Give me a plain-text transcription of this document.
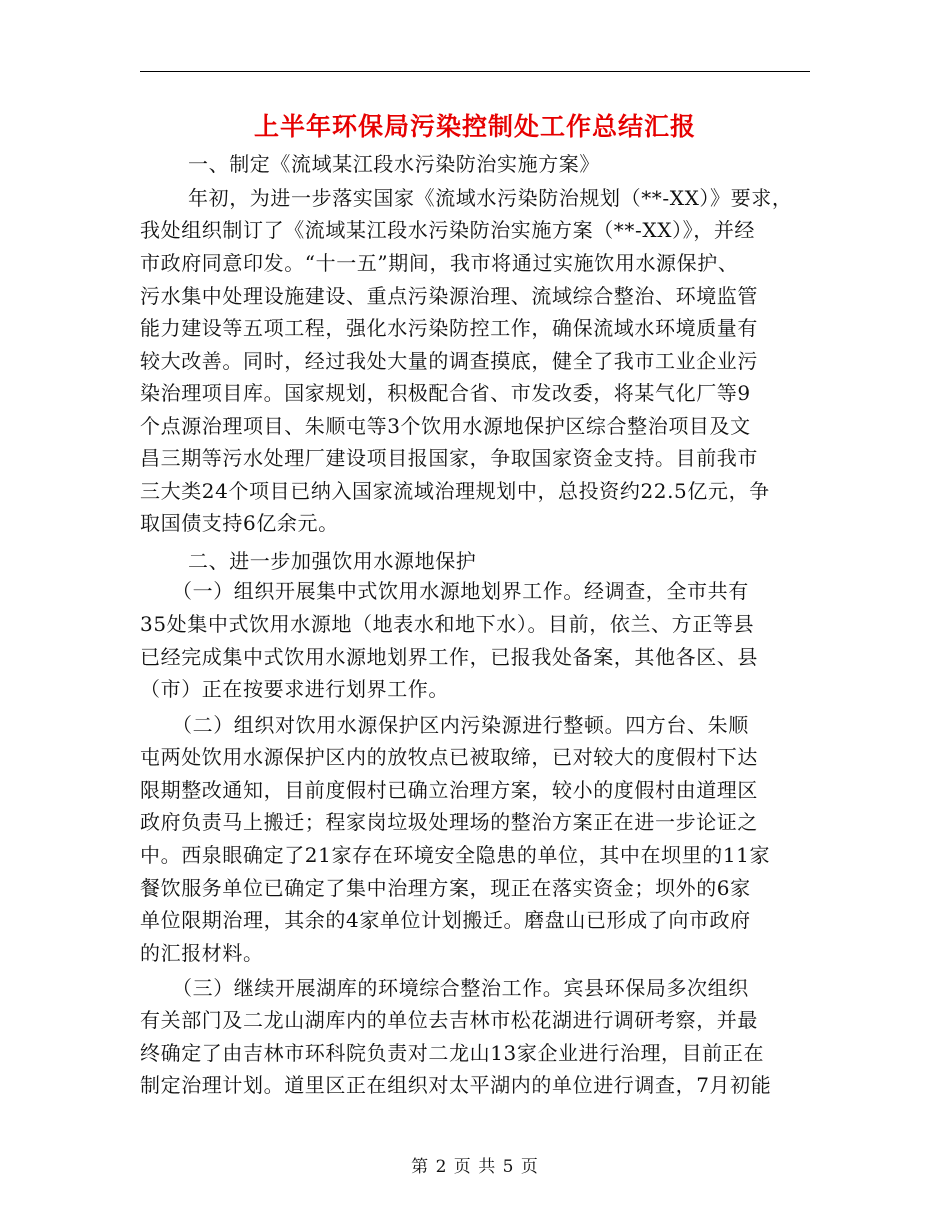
上半年环保局污染控制处工作总结汇报
一、制定《流域某江段水污染防治实施方案》
年初，为进一步落实国家《流域水污染防治规划（**-XX）》要求，
我处组织制订了《流域某江段水污染防治实施方案（**-XX）》，并经
市政府同意印发。“十一五”期间，我市将通过实施饮用水源保护、
污水集中处理设施建设、重点污染源治理、流域综合整治、环境监管
能力建设等五项工程，强化水污染防控工作，确保流域水环境质量有
较大改善。同时，经过我处大量的调查摸底，健全了我市工业企业污
染治理项目库。国家规划，积极配合省、市发改委，将某气化厂等9
个点源治理项目、朱顺屯等3个饮用水源地保护区综合整治项目及文
昌三期等污水处理厂建设项目报国家，争取国家资金支持。目前我市
三大类24个项目已纳入国家流域治理规划中，总投资约22.5亿元，争
取国债支持6亿余元。
二、进一步加强饮用水源地保护
（一）组织开展集中式饮用水源地划界工作。经调查，全市共有
35处集中式饮用水源地（地表水和地下水）。目前，依兰、方正等县
已经完成集中式饮用水源地划界工作，已报我处备案，其他各区、县
（市）正在按要求进行划界工作。
（二）组织对饮用水源保护区内污染源进行整顿。四方台、朱顺
屯两处饮用水源保护区内的放牧点已被取缔，已对较大的度假村下达
限期整改通知，目前度假村已确立治理方案，较小的度假村由道理区
政府负责马上搬迁；程家岗垃圾处理场的整治方案正在进一步论证之
中。西泉眼确定了21家存在环境安全隐患的单位，其中在坝里的11家
餐饮服务单位已确定了集中治理方案，现正在落实资金；坝外的6家
单位限期治理，其余的4家单位计划搬迁。磨盘山已形成了向市政府
的汇报材料。
（三）继续开展湖库的环境综合整治工作。宾县环保局多次组织
有关部门及二龙山湖库内的单位去吉林市松花湖进行调研考察，并最
终确定了由吉林市环科院负责对二龙山13家企业进行治理，目前正在
制定治理计划。道里区正在组织对太平湖内的单位进行调查，7月初能
第 2 页 共 5 页
